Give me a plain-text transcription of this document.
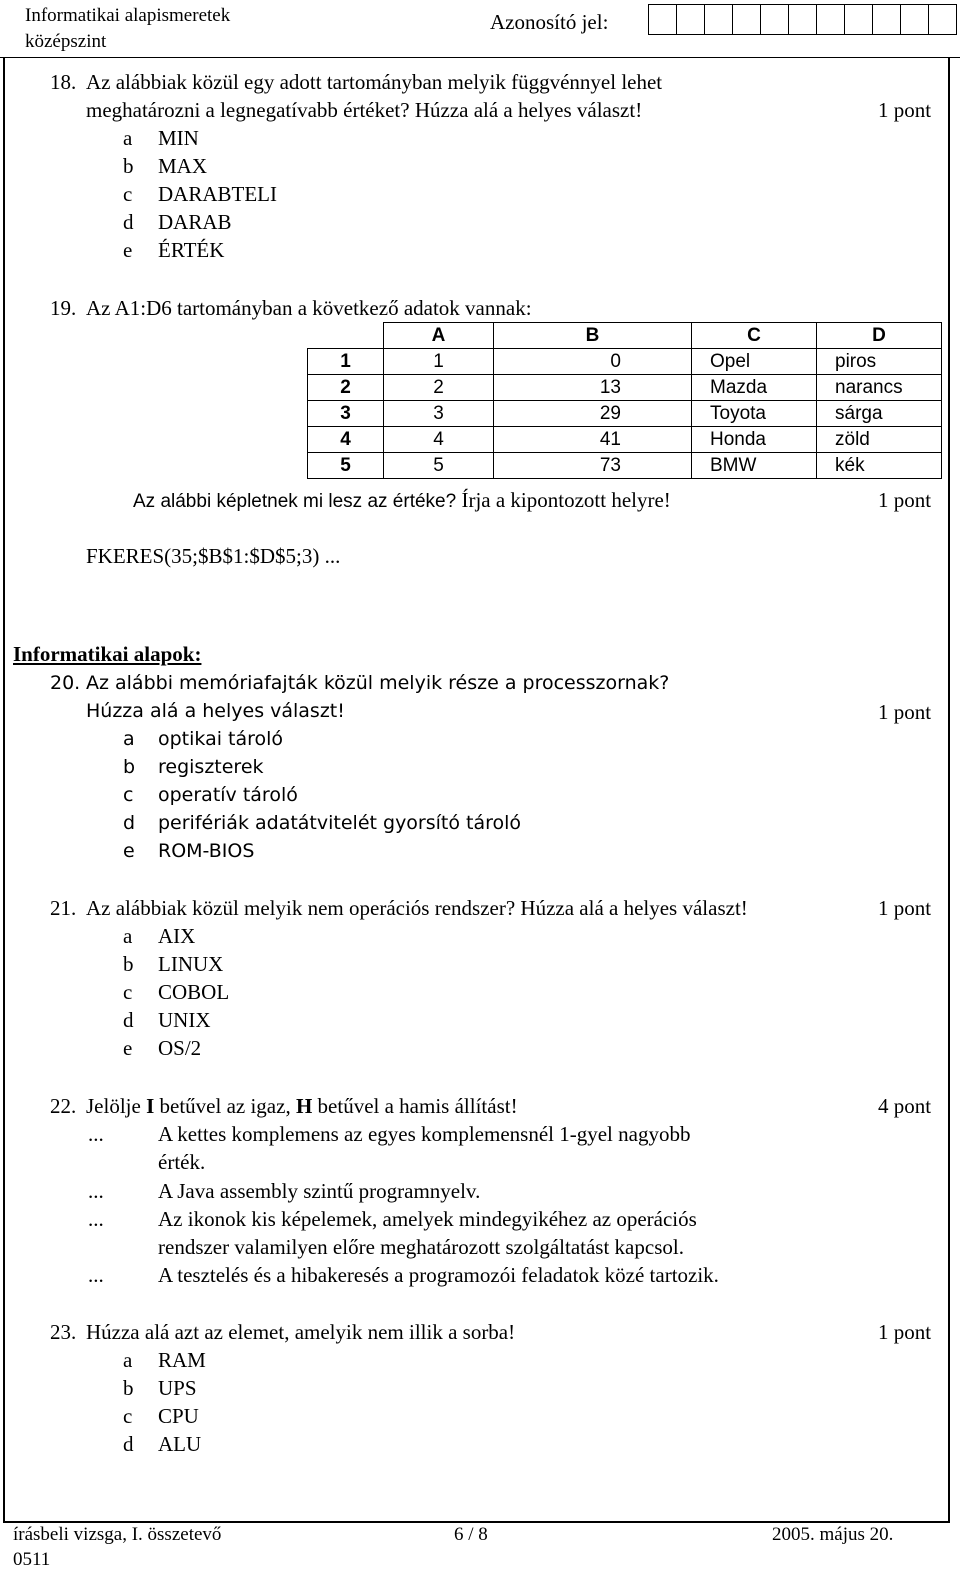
Informatikai alapismeretek
középszint
Azonosító jel:
18. Az alábbiak közül egy adott tartományban melyik függvénnyel lehet
meghatározni a legnegatívabb értéket? Húzza alá a helyes választ!	1 pont
a MIN
b MAX
c DARABTELI
d DARAB
e ÉRTÉK
19. Az A1:D6 tartományban a következő adatok vannak:
	A	B	C	D
1	1	0	Opel	piros
2	2	13	Mazda	narancs
3	3	29	Toyota	sárga
4	4	41	Honda	zöld
5	5	73	BMW	kék
Az alábbi képletnek mi lesz az értéke? Írja a kipontozott helyre!	1 pont
FKERES(35;$B$1:$D$5;3) ...
Informatikai alapok:
20. Az alábbi memóriafajták közül melyik része a processzornak?
Húzza alá a helyes választ!	1 pont
a optikai tároló
b regiszterek
c operatív tároló
d perifériák adatátvitelét gyorsító tároló
e ROM-BIOS
21. Az alábbiak közül melyik nem operációs rendszer? Húzza alá a helyes választ!	1 pont
a AIX
b LINUX
c COBOL
d UNIX
e OS/2
22. Jelölje I betűvel az igaz, H betűvel a hamis állítást!	4 pont
...	A kettes komplemens az egyes komplemensnél 1-gyel nagyobb
érték.
...	A Java assembly szintű programnyelv.
...	Az ikonok kis képelemek, amelyek mindegyikéhez az operációs
rendszer valamilyen előre meghatározott szolgáltatást kapcsol.
...	A tesztelés és a hibakeresés a programozói feladatok közé tartozik.
23. Húzza alá azt az elemet, amelyik nem illik a sorba!	1 pont
a RAM
b UPS
c CPU
d ALU
írásbeli vizsga, I. összetevő
0511
6 / 8	2005. május 20.
